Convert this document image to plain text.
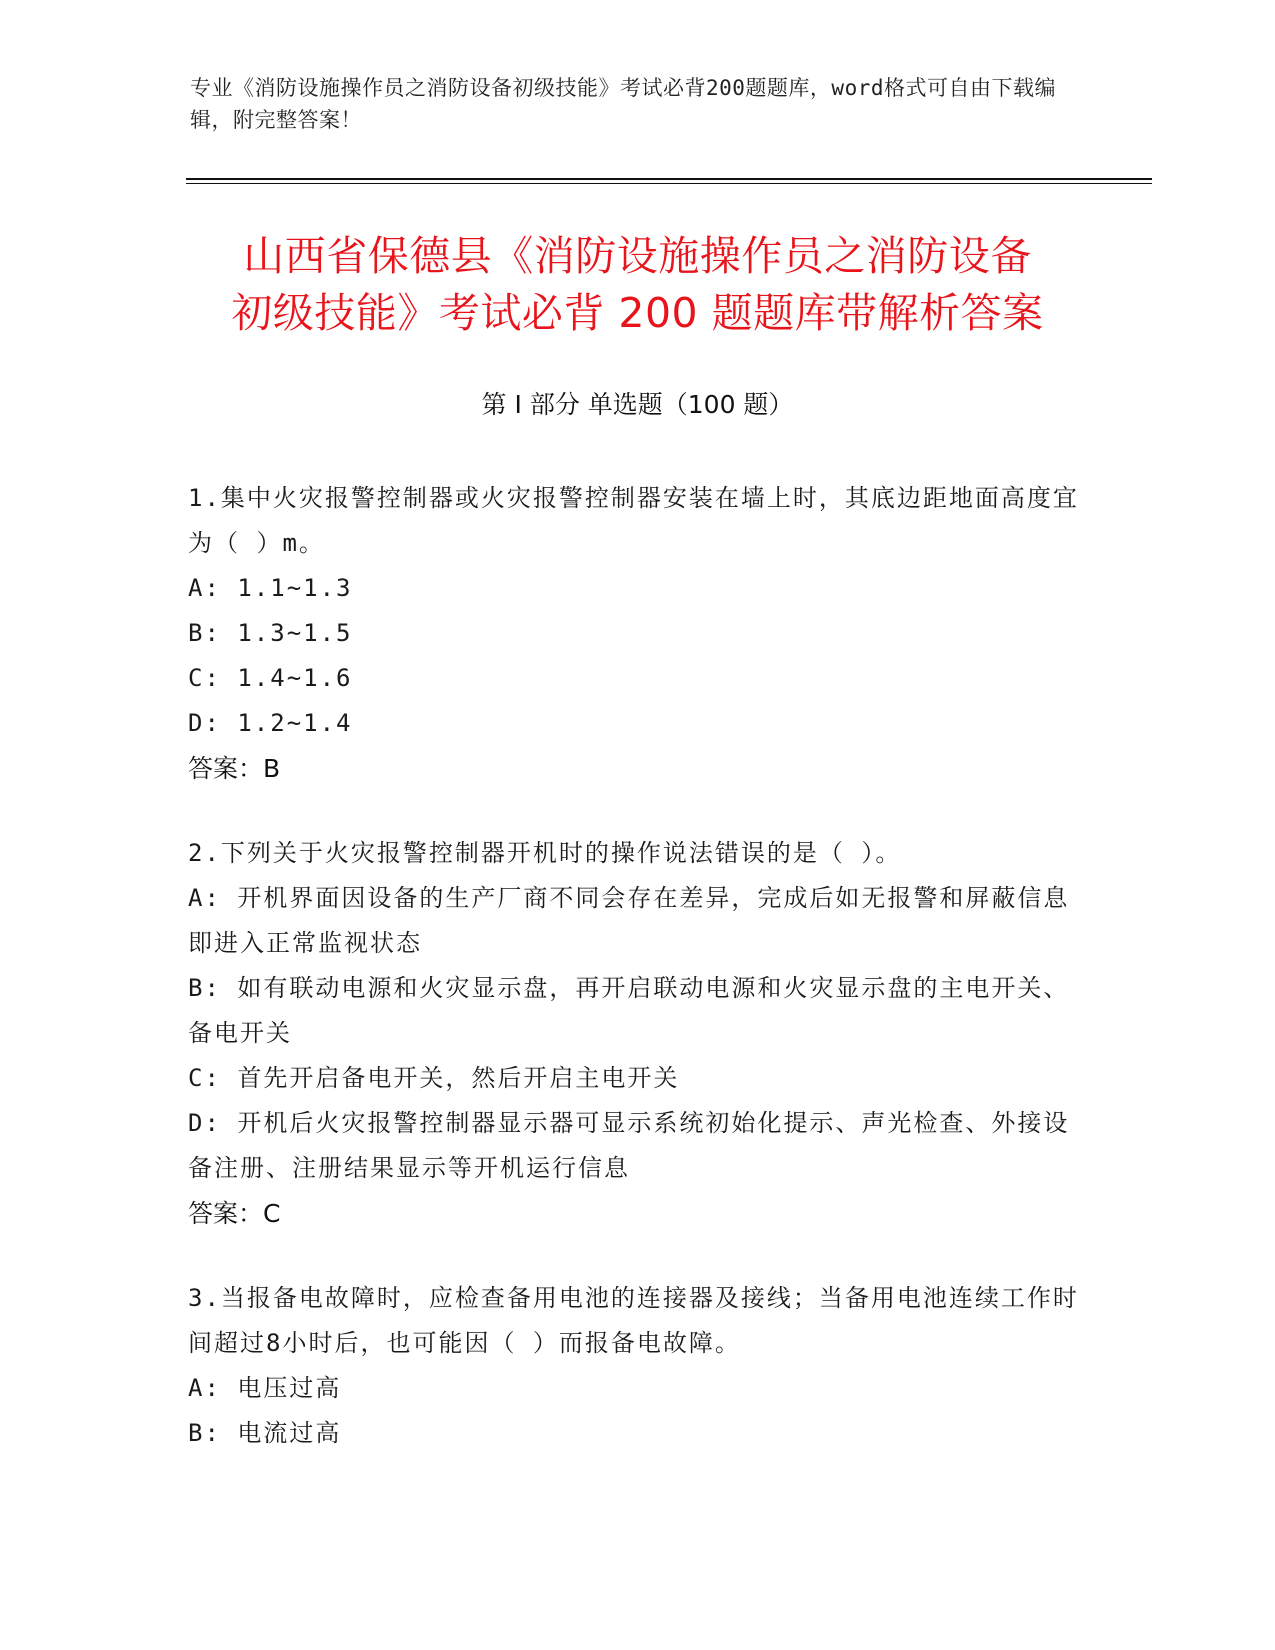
专业《消防设施操作员之消防设备初级技能》考试必背200题题库，word格式可自由下载编辑，附完整答案！
山西省保德县《消防设施操作员之消防设备
初级技能》考试必背 200 题题库带解析答案
第 I 部分 单选题（100 题）

1.集中火灾报警控制器或火灾报警控制器安装在墙上时，其底边距地面高度宜为（ ）m。

A: 1.1~1.3

B: 1.3~1.5

C: 1.4~1.6

D: 1.2~1.4

答案：B

2.下列关于火灾报警控制器开机时的操作说法错误的是（ ）。

A: 开机界面因设备的生产厂商不同会存在差异，完成后如无报警和屏蔽信息即进入正常监视状态

B: 如有联动电源和火灾显示盘，再开启联动电源和火灾显示盘的主电开关、备电开关

C: 首先开启备电开关，然后开启主电开关

D: 开机后火灾报警控制器显示器可显示系统初始化提示、声光检查、外接设备注册、注册结果显示等开机运行信息

答案：C

3.当报备电故障时，应检查备用电池的连接器及接线；当备用电池连续工作时间超过8小时后，也可能因（ ）而报备电故障。

A: 电压过高

B: 电流过高
